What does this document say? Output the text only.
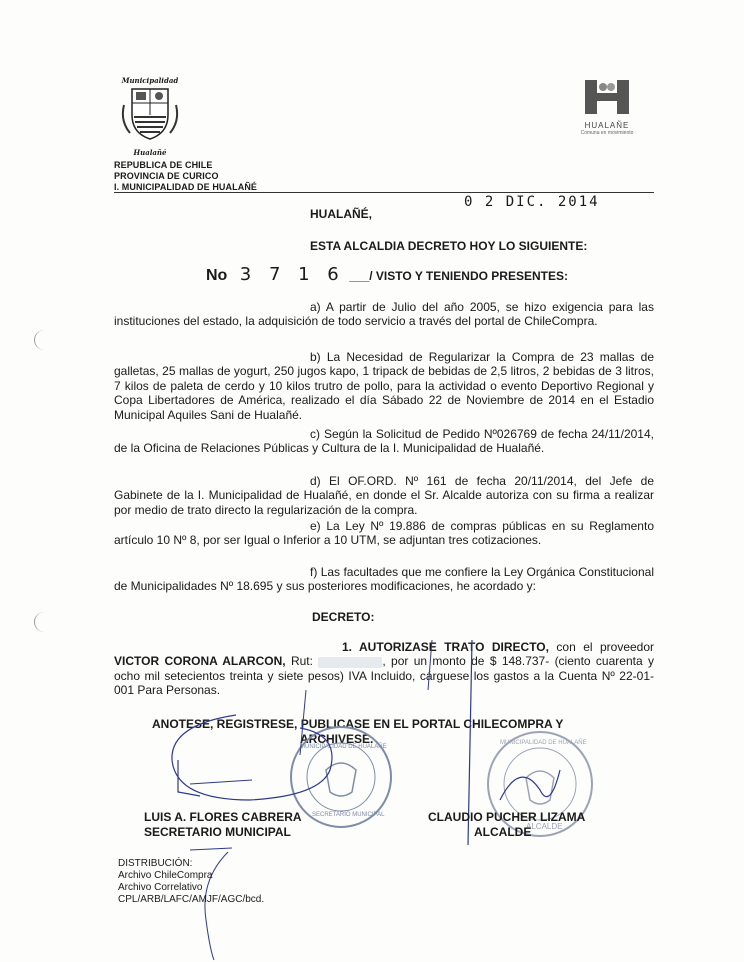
Municipalidad
Hualañé
HUALAÑE
Comuna en movimiento
REPUBLICA DE CHILE
PROVINCIA DE CURICO
I. MUNICIPALIDAD DE HUALAÑÉ
0 2 DIC. 2014
HUALAÑÉ,
ESTA ALCALDIA DECRETO HOY LO SIGUIENTE:
No 3 7 1 6 ___/ VISTO Y TENIENDO PRESENTES:
a) A partir de Julio del año 2005, se hizo exigencia para las instituciones del estado, la adquisición de todo servicio a través del portal de ChileCompra.
b) La Necesidad de Regularizar la Compra de 23 mallas de galletas, 25 mallas de yogurt, 250 jugos kapo, 1 tripack de bebidas de 2,5 litros, 2 bebidas de 3 litros, 7 kilos de paleta de cerdo y 10 kilos trutro de pollo, para la actividad o evento Deportivo Regional y Copa Libertadores de América, realizado el día Sábado 22 de Noviembre de 2014 en el Estadio Municipal Aquiles Sani de Hualañé.
c) Según la Solicitud de Pedido Nº026769 de fecha 24/11/2014, de la Oficina de Relaciones Públicas y Cultura de la I. Municipalidad de Hualañé.
d) El OF.ORD. Nº 161 de fecha 20/11/2014, del Jefe de Gabinete de la I. Municipalidad de Hualañé, en donde el Sr. Alcalde autoriza con su firma a realizar por medio de trato directo la regularización de la compra.
e) La Ley Nº 19.886 de compras públicas en su Reglamento artículo 10 Nº 8, por ser Igual o Inferior a 10 UTM, se adjuntan tres cotizaciones.
f) Las facultades que me confiere la Ley Orgánica Constitucional de Municipalidades Nº 18.695 y sus posteriores modificaciones, he acordado y:
DECRETO:
1. AUTORIZASE TRATO DIRECTO, con el proveedor VICTOR CORONA ALARCON, Rut:	, por un monto de $ 148.737- (ciento cuarenta y ocho mil setecientos treinta y siete pesos) IVA Incluido, cárguese los gastos a la Cuenta Nº 22-01-001 Para Personas.
ANOTESE, REGISTRESE, PUBLICASE EN EL PORTAL CHILECOMPRA Y
ARCHIVESE.
MUNICIPALIDAD DE HUALAÑE
SECRETARIO MUNICIPAL
MUNICIPALIDAD DE HUALAÑE
ALCALDE
LUIS A. FLORES CABRERA
SECRETARIO MUNICIPAL
CLAUDIO PUCHER LIZAMA
ALCALDE
DISTRIBUCIÓN:
Archivo ChileCompra
Archivo Correlativo
CPL/ARB/LAFC/AMJF/AGC/bcd.
